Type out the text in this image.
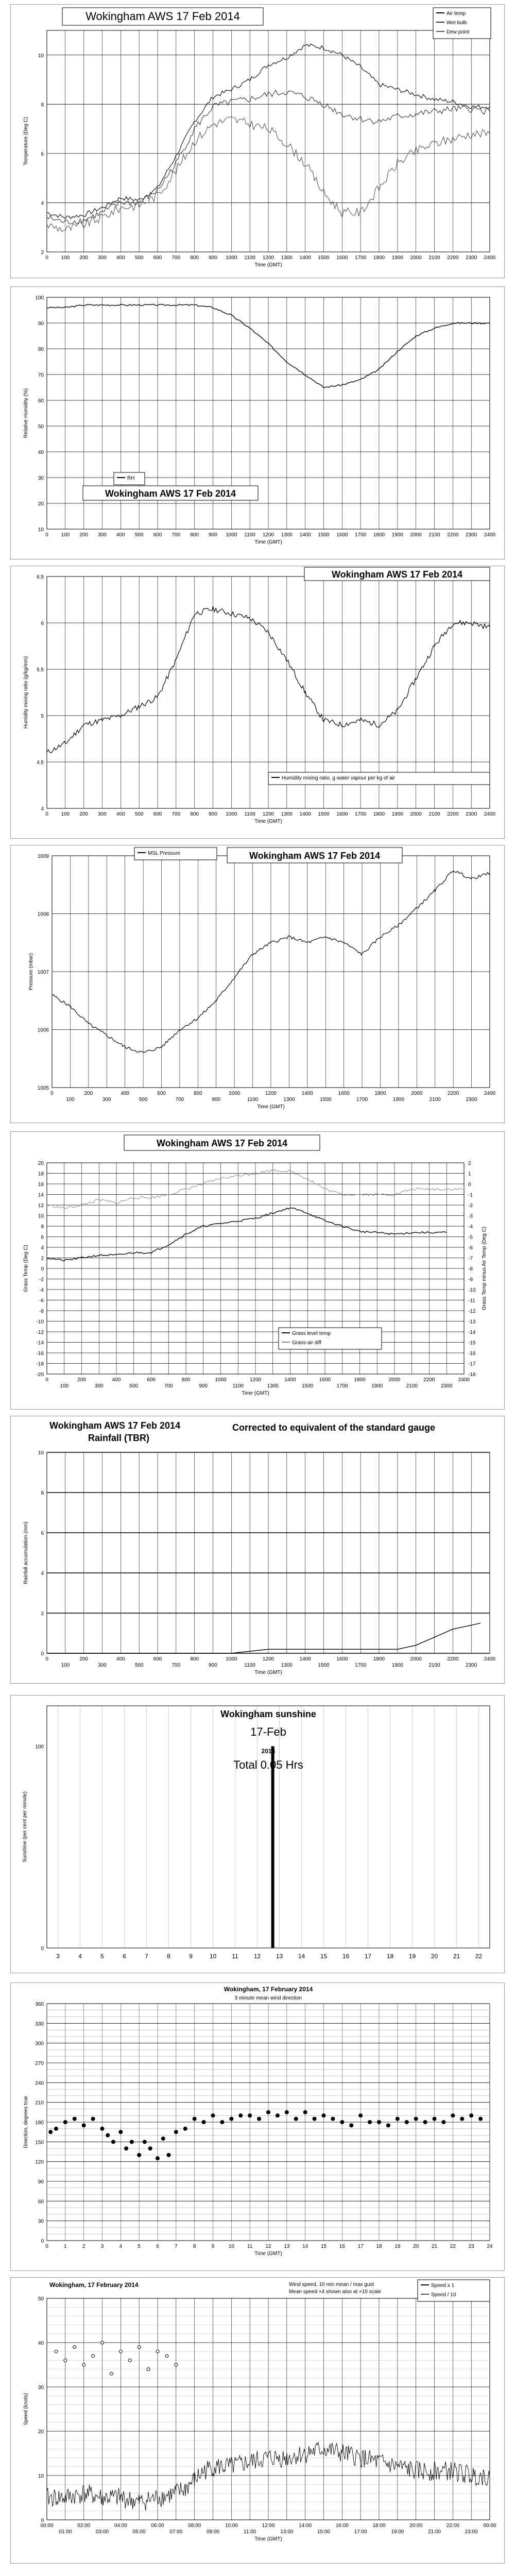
0 100 200 300 400 500 600 700 800 900 1000 1100 1200 1300 1400 1500 1600 1700 1800 1900 2000 2100 2200 2300 2400
2
4
6
8
10
Time (GMT)
Temperature (Deg C)
Wokingham AWS 17 Feb 2014	Air temp
Wet bulb
Dew point
0 100 200 300 400 500 600 700 800 900 1000 1100 1200 1300 1400 1500 1600 1700 1800 1900 2000 2100 2200 2300 2400
10
20
30
40
50
60
70
80
90
100
Time (GMT)
Relative Humidity (%)
RH
Wokingham AWS 17 Feb 2014
0 100 200 300 400 500 600 700 800 900 1000 1100 1200 1300 1400 1500 1600 1700 1800 1900 2000 2100 2200 2300 2400
4
4.5
5
5.5
6
6.5
Time (GMT)
Humidity mixing ratio (g/kg/mm)
Wokingham AWS 17 Feb 2014
Humidity mixing ratio, g water vapour per kg of air
0	200	400	600	800	1000	1200	1400	1600	1800	2000	2200	2400
100	300	500	700	900	1100	1300	1500	1700	1900	2100	2300
1005
1006
1007
1008
1009
Time (GMT)
Pressure (mbar)
MSL Pressure	Wokingham AWS 17 Feb 2014
0	200	400	600	800	1000	1200	1400	1600	1800	2000	2200	2400
100	300	500	700	900	1100	1300	1500	1700	1900	2100	2300
-20
-18
-16
-14
-12
-10
-8
-6
-4
-2
0
2
4
6
8
10
12
14
16
18
20
Time (GMT)
Grass Temp (Deg C)
-18
-17
-16
-15
-14
-13
-12
-11
-10
-9
-8
-7
-6
-5
-4
-3
-2
-1
0
1
2
Grass Temp minus Air Temp (Deg C)
Wokingham AWS 17 Feb 2014
Grass level temp
Grass-air diff
0	200	400	600	800	1000	1200	1400	1600	1800	2000	2200	2400
100	300	500	700	900	1100	1300	1500	1700	1900	2100	2300
0
2
4
6
8
10
Time (GMT)
Rainfall accumulation (mm)
Wokingham AWS 17 Feb 2014
Rainfall (TBR)
Corrected to equivalent of the standard gauge
3	4	5	6	7	8	9	10	11	12 13 14 15 16 17 18 19 20 21 22
0
100
Sunshine (per cent per minute)
Wokingham sunshine
17-Feb
2014
Total 0.05 Hrs
0	1	2	3	4	5	6	7	8	9	10	11	12 13 14 15 16 17 18 19 20 21 22 23 24
0
30
60
90
120
150
180
210
240
270
300
330
360
Time (GMT)
Direction, degrees true
Wokingham, 17 February 2014
5 minute mean wind direction
00:00	02:00	04:00	06:00	08:00	10:00	12:00	14:00	16:00	18:00	20:00	22:00	00:00
01:00	03:00	05:00	07:00	09:00	11:00	13:00	15:00	17:00	19:00	21:00	23:00
0
10
20
30
40
50
Time (GMT)
Speed (knots)
Wokingham, 17 February 2014	Wind speed, 10 min mean / max gust
Mean speed ×4 shown also at ×10 scale
Speed x 1
Speed / 10
